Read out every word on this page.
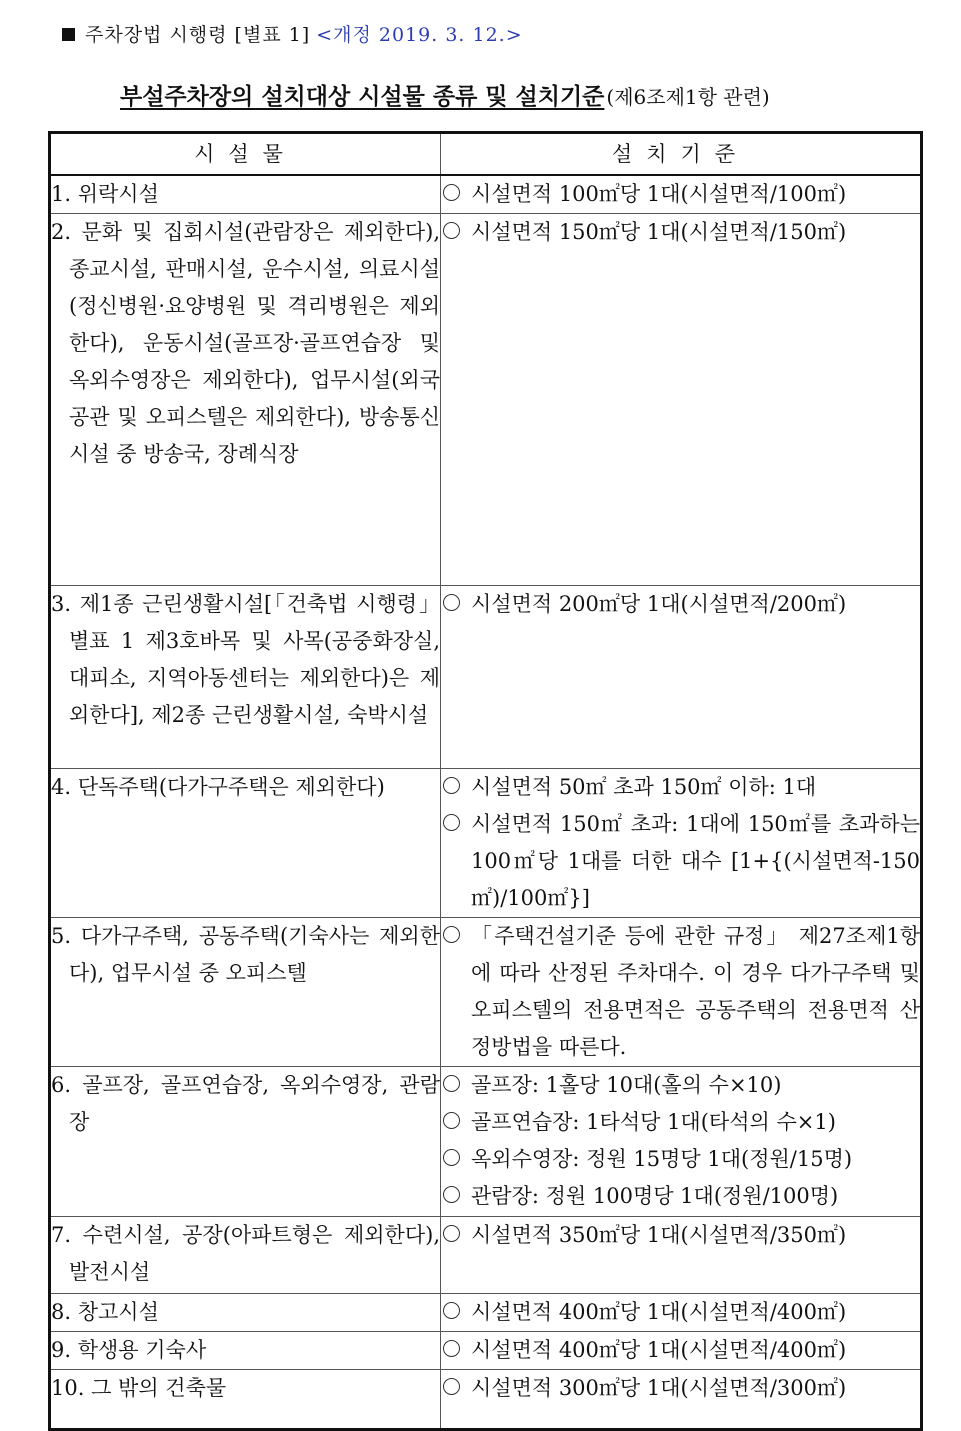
주차장법 시행령 [별표 1] <개정 2019. 3. 12.>
부설주차장의 설치대상 시설물 종류 및 설치기준 (제6조제1항 관련)
시설물	설치기준

1. 위락시설	시설면적 100㎡당 1대(시설면적/100㎡)

2. 문화 및 집회시설(관람장은 제외한다), 종교시설, 판매시설, 운수시설, 의료시설(정신병원·요양병원 및 격리병원은 제외한다), 운동시설(골프장·골프연습장 및 옥외수영장은 제외한다), 업무시설(외국공관 및 오피스텔은 제외한다), 방송통신시설 중 방송국, 장례식장	시설면적 150㎡당 1대(시설면적/150㎡)

3. 제1종 근린생활시설[「건축법 시행령」 별표 1 제3호바목 및 사목(공중화장실, 대피소, 지역아동센터는 제외한다)은 제외한다], 제2종 근린생활시설, 숙박시설	시설면적 200㎡당 1대(시설면적/200㎡)

4. 단독주택(다가구주택은 제외한다)	시설면적 50㎡ 초과 150㎡ 이하: 1대
시설면적 150㎡ 초과: 1대에 150㎡를 초과하는 100㎡당 1대를 더한 대수 [1+{(시설면적-150㎡)/100㎡}]

5. 다가구주택, 공동주택(기숙사는 제외한다), 업무시설 중 오피스텔	「주택건설기준 등에 관한 규정」 제27조제1항에 따라 산정된 주차대수. 이 경우 다가구주택 및 오피스텔의 전용면적은 공동주택의 전용면적 산정방법을 따른다.

6. 골프장, 골프연습장, 옥외수영장, 관람장	골프장: 1홀당 10대(홀의 수×10)
골프연습장: 1타석당 1대(타석의 수×1)
옥외수영장: 정원 15명당 1대(정원/15명)
관람장: 정원 100명당 1대(정원/100명)

7. 수련시설, 공장(아파트형은 제외한다), 발전시설	시설면적 350㎡당 1대(시설면적/350㎡)

8. 창고시설	시설면적 400㎡당 1대(시설면적/400㎡)

9. 학생용 기숙사	시설면적 400㎡당 1대(시설면적/400㎡)

10. 그 밖의 건축물	시설면적 300㎡당 1대(시설면적/300㎡)
